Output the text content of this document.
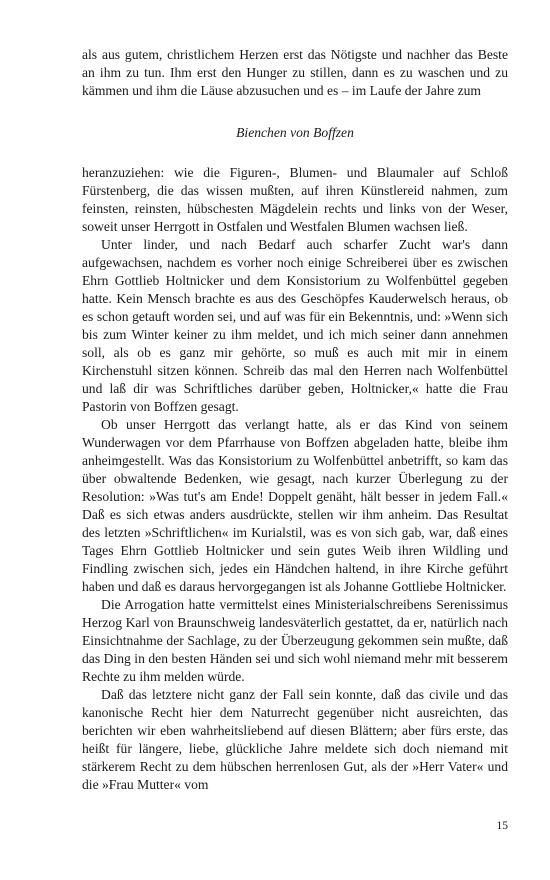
als aus gutem, christlichem Herzen erst das Nötigste und nachher das Beste an ihm zu tun. Ihm erst den Hunger zu stillen, dann es zu waschen und zu kämmen und ihm die Läuse abzusuchen und es – im Laufe der Jahre zum

Bienchen von Boffzen

heranzuziehen: wie die Figuren-, Blumen- und Blaumaler auf Schloß Fürstenberg, die das wissen mußten, auf ihren Künstlereid nahmen, zum feinsten, reinsten, hübschesten Mägdelein rechts und links von der Weser, soweit unser Herrgott in Ostfalen und Westfalen Blumen wachsen ließ.

Unter linder, und nach Bedarf auch scharfer Zucht war's dann aufgewachsen, nachdem es vorher noch einige Schreiberei über es zwischen Ehrn Gottlieb Holtnicker und dem Konsistorium zu Wolfenbüttel gegeben hatte. Kein Mensch brachte es aus des Geschöpfes Kauderwelsch heraus, ob es schon getauft worden sei, und auf was für ein Bekenntnis, und: »Wenn sich bis zum Winter keiner zu ihm meldet, und ich mich seiner dann annehmen soll, als ob es ganz mir gehörte, so muß es auch mit mir in einem Kirchenstuhl sitzen können. Schreib das mal den Herren nach Wolfenbüttel und laß dir was Schriftliches darüber geben, Holtnicker,« hatte die Frau Pastorin von Boffzen gesagt.

Ob unser Herrgott das verlangt hatte, als er das Kind von seinem Wunderwagen vor dem Pfarrhause von Boffzen abgeladen hatte, bleibe ihm anheimgestellt. Was das Konsistorium zu Wolfenbüttel anbetrifft, so kam das über obwaltende Bedenken, wie gesagt, nach kurzer Überlegung zu der Resolution: »Was tut's am Ende! Doppelt genäht, hält besser in jedem Fall.« Daß es sich etwas anders ausdrückte, stellen wir ihm anheim. Das Resultat des letzten »Schriftlichen« im Kurialstil, was es von sich gab, war, daß eines Tages Ehrn Gottlieb Holtnicker und sein gutes Weib ihren Wildling und Findling zwischen sich, jedes ein Händchen haltend, in ihre Kirche geführt haben und daß es daraus hervorgegangen ist als Johanne Gottliebe Holtnicker.

Die Arrogation hatte vermittelst eines Ministerialschreibens Serenissimus Herzog Karl von Braunschweig landesväterlich gestattet, da er, natürlich nach Einsichtnahme der Sachlage, zu der Überzeugung gekommen sein mußte, daß das Ding in den besten Händen sei und sich wohl niemand mehr mit besserem Rechte zu ihm melden würde.

Daß das letztere nicht ganz der Fall sein konnte, daß das civile und das kanonische Recht hier dem Naturrecht gegenüber nicht ausreichten, das berichten wir eben wahrheitsliebend auf diesen Blättern; aber fürs erste, das heißt für längere, liebe, glückliche Jahre meldete sich doch niemand mit stärkerem Recht zu dem hübschen herrenlosen Gut, als der »Herr Vater« und die »Frau Mutter« vom

15
